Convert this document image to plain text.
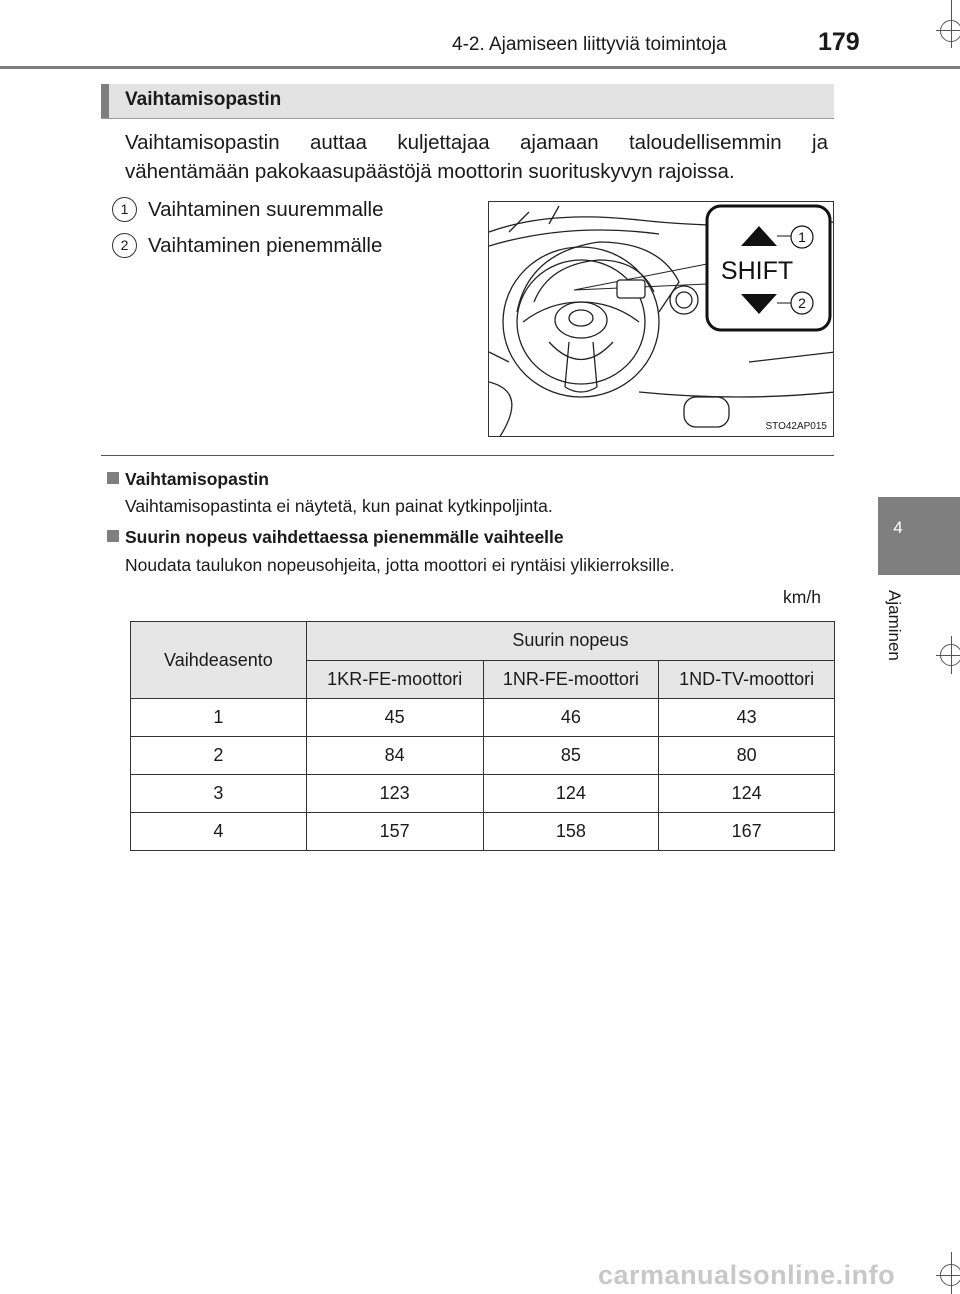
4-2. Ajamiseen liittyviä toimintoja	179
4
Ajaminen
Vaihtamisopastin
Vaihtamisopastin auttaa kuljettajaa ajamaan taloudellisemmin ja vähentämään pakokaasupäästöjä moottorin suorituskyvyn rajoissa.
1 Vaihtaminen suuremmalle
2 Vaihtaminen pienemmälle
SHIFT
1
2
STO42AP015
Vaihtamisopastin
Vaihtamisopastinta ei näytetä, kun painat kytkinpoljinta.
Suurin nopeus vaihdettaessa pienemmälle vaihteelle
Noudata taulukon nopeusohjeita, jotta moottori ei ryntäisi ylikierroksille.
km/h
Vaihdeasento	Suurin nopeus		
	1KR-FE-moottori	1NR-FE-moottori	1ND-TV-moottori
1	45	46	43
2	84	85	80
3	123	124	124
4	157	158	167
carmanualsonline.info
